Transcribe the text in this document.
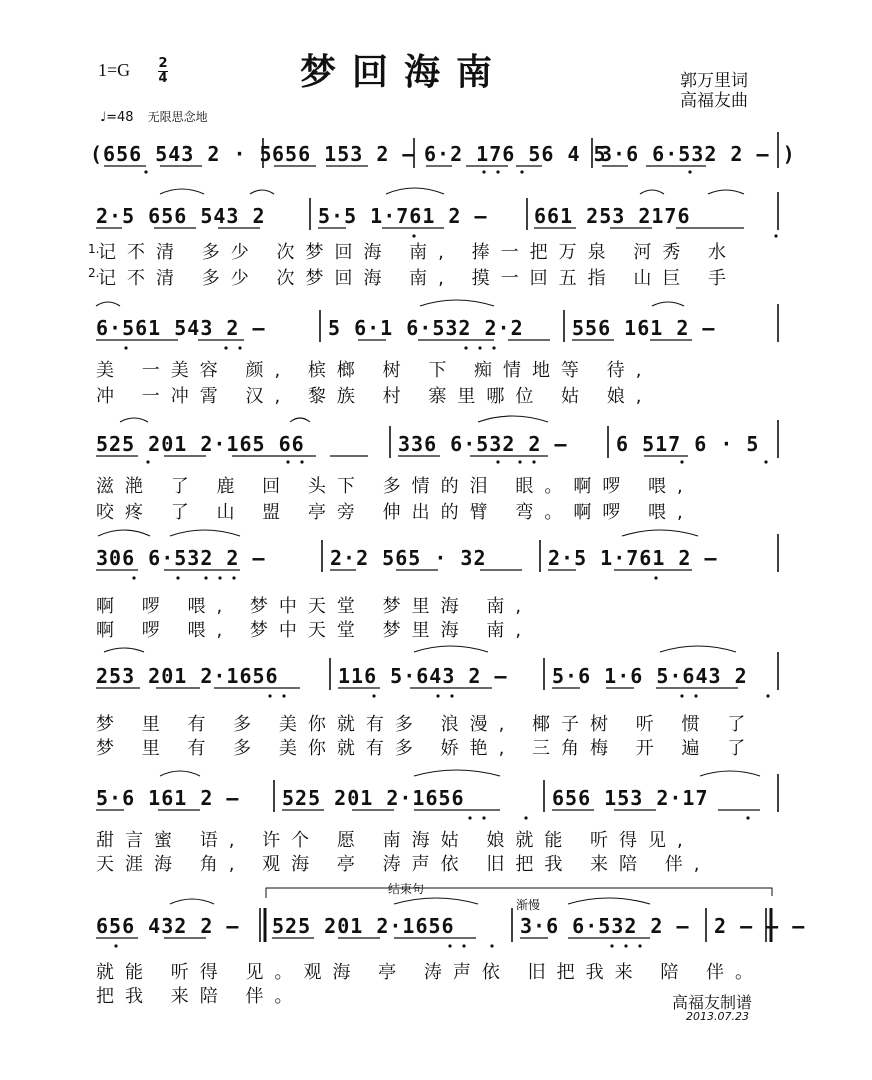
1=G 2
4	梦回海南	郭万里词
高福友曲
♩=48 无限思念地
(656 543 2 · 5 656 153 2 – 6·2 176 56 4 5
3·6 6·532 2 – )
2·5 656 543 2	5·5 1·761 2 – 661 253 2176
1.
2.
记不清 多少 次梦回海 南, 捧一把万泉 河秀 水
记不清 多少 次梦回海 南, 摸一回五指 山巨 手
6·561 543 2 –	5 6·1 6·532 2·2 556 161 2 –
美 一美容 颜, 槟榔 树 下 痴情地等 待,
冲 一冲霄 汉, 黎族 村 寨里哪位 姑 娘,
525 201 2·165 66	336 6·532 2 – 6 517 6 · 5
滋滟 了 鹿 回 头下 多情的泪 眼。啊啰 喂,
咬疼 了 山 盟 亭旁 伸出的臂 弯。啊啰 喂,
306 6·532 2 –	2·2 565 · 32	2·5 1·761 2 –
啊 啰 喂, 梦中天堂 梦里海 南,
啊 啰 喂, 梦中天堂 梦里海 南,
253 201 2·1656	116 5·643 2 – 5·6 1·6 5·643 2
梦 里 有 多 美你就有多 浪漫, 椰子树 听 惯 了
梦 里 有 多 美你就有多 娇艳, 三角梅 开 遍 了
5·6 161 2 – 525 201 2·1656	656 153 2·17
甜言蜜 语, 许个 愿 南海姑 娘就能 听得见,
天涯海 角, 观海 亭 涛声依 旧把我 来陪 伴,
结束句
渐慢
656 432 2 – 525 201 2·1656	3·6 6·532 2 – 2 – – –
就能 听得 见。观海 亭 涛声依 旧把我来 陪 伴。
把我 来陪 伴。	高福友制谱
2013.07.23
